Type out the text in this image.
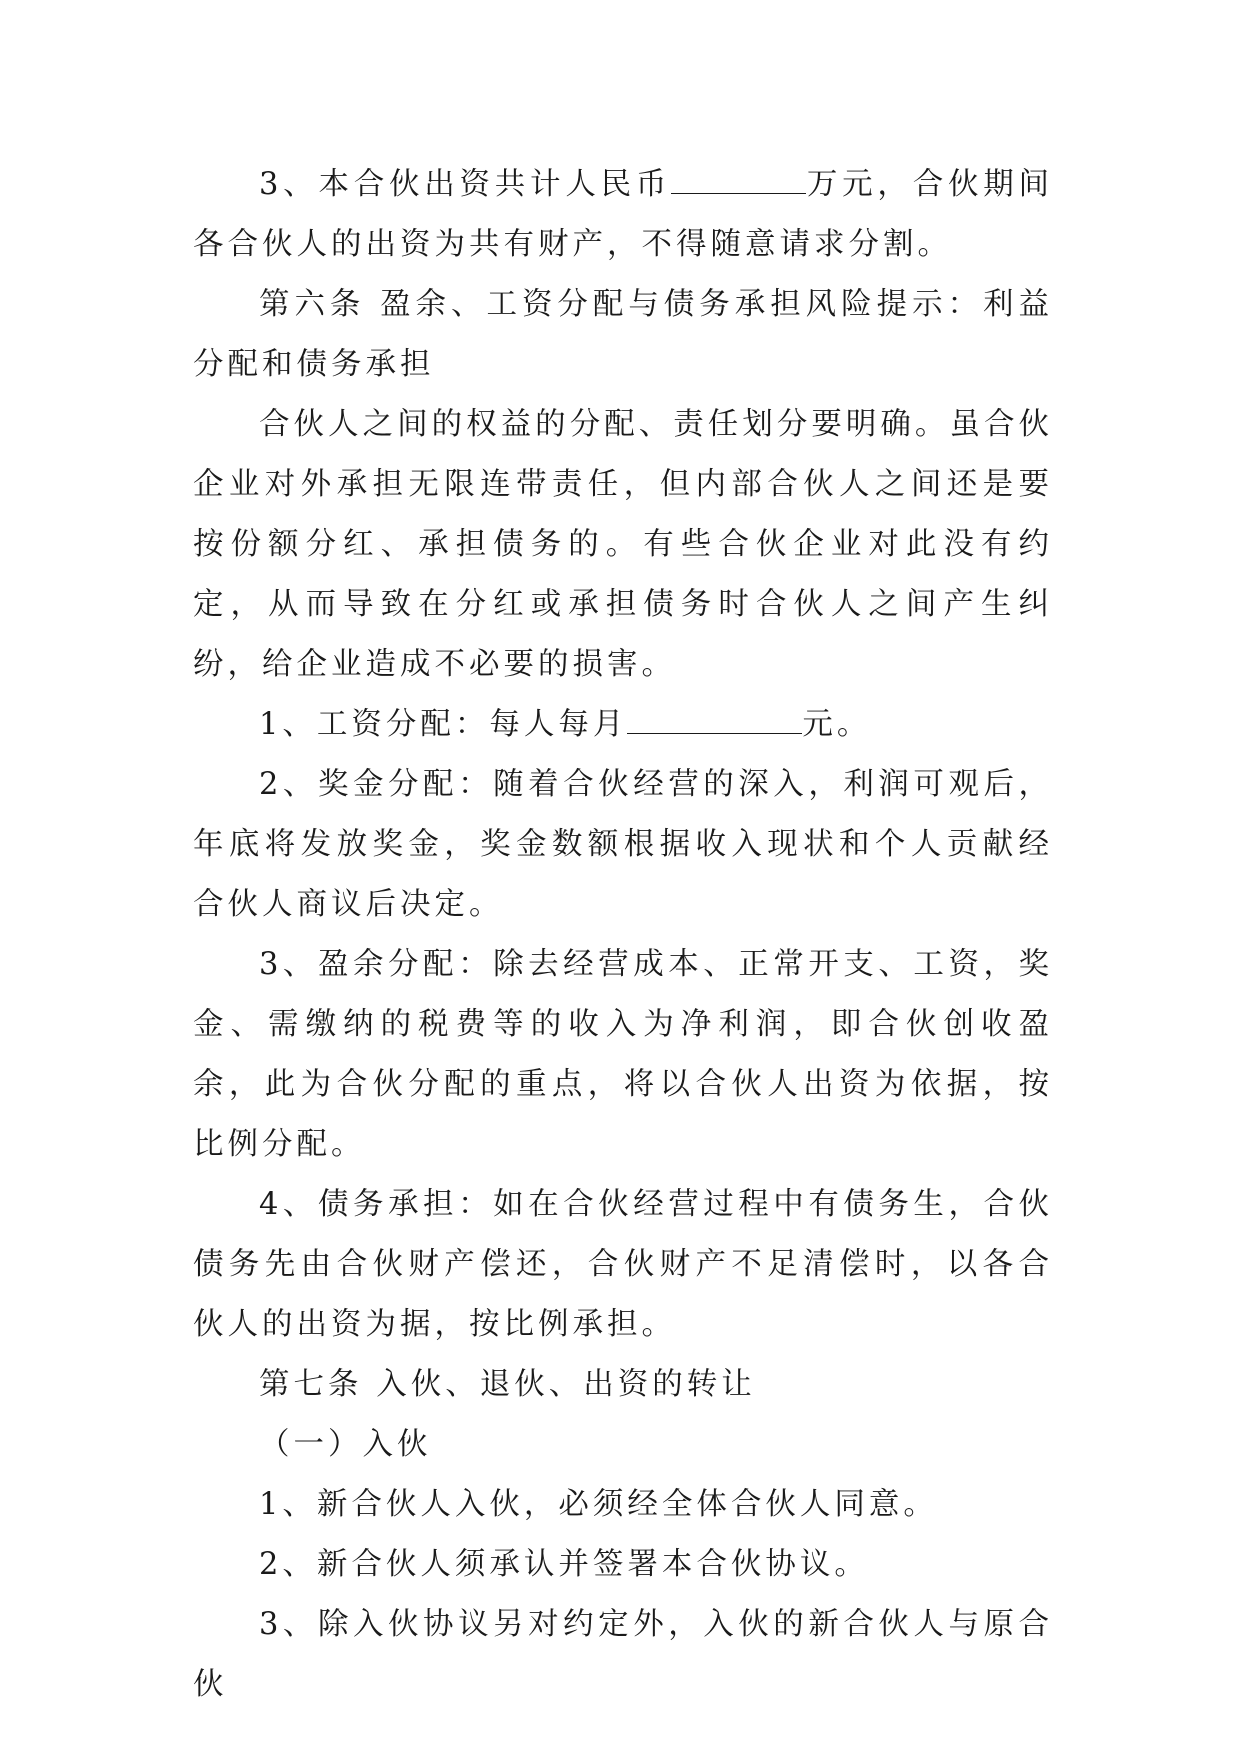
3、本合伙出资共计人民币	万元，合伙期间各合伙人的出资为共有财产，不得随意请求分割。

第六条 盈余、工资分配与债务承担风险提示：利益分配和债务承担

合伙人之间的权益的分配、责任划分要明确。虽合伙企业对外承担无限连带责任，但内部合伙人之间还是要按份额分红、承担债务的。有些合伙企业对此没有约定，从而导致在分红或承担债务时合伙人之间产生纠纷，给企业造成不必要的损害。

1、工资分配：每人每月	元。

2、奖金分配：随着合伙经营的深入，利润可观后，年底将发放奖金，奖金数额根据收入现状和个人贡献经合伙人商议后决定。

3、盈余分配：除去经营成本、正常开支、工资，奖金、需缴纳的税费等的收入为净利润，即合伙创收盈余，此为合伙分配的重点，将以合伙人出资为依据，按比例分配。

4、债务承担：如在合伙经营过程中有债务生，合伙债务先由合伙财产偿还，合伙财产不足清偿时，以各合伙人的出资为据，按比例承担。

第七条 入伙、退伙、出资的转让

（一）入伙

1、新合伙人入伙，必须经全体合伙人同意。

2、新合伙人须承认并签署本合伙协议。

3、除入伙协议另对约定外，入伙的新合伙人与原合伙
